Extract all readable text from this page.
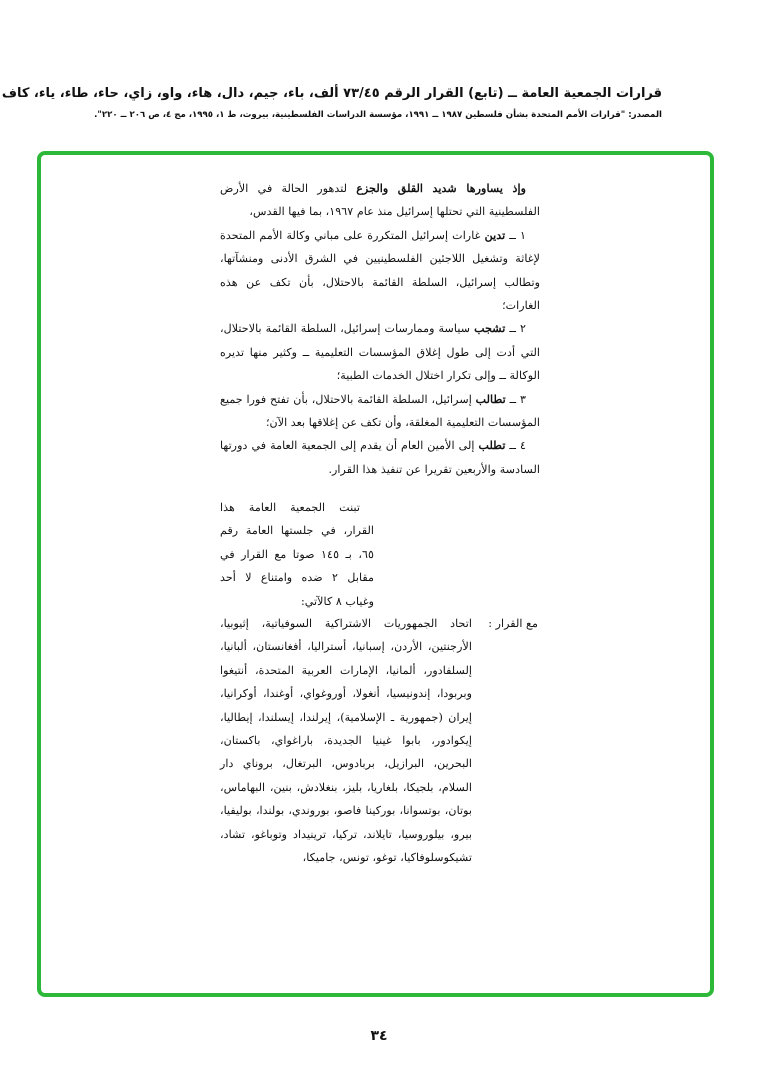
قرارات الجمعية العامة ــ (تابع) القرار الرقم ٧٣/٤٥ ألف، باء، جيم، دال، هاء، واو، زاي، حاء، طاء، ياء، كاف
المصدر: "قرارات الأمم المتحدة بشأن فلسطين ١٩٨٧ ــ ١٩٩١، مؤسسة الدراسات الفلسطينية، بيروت، ط ١، ١٩٩٥، مج ٤، ص ٢٠٦ ــ ٢٢٠".

وإذ يساورها شديد القلق والجزع لتدهور الحالة في الأرض الفلسطينية التي تحتلها إسرائيل منذ عام ١٩٦٧، بما فيها القدس،

١ ــ تدين غارات إسرائيل المتكررة على مباني وكالة الأمم المتحدة لإغاثة وتشغيل اللاجئين الفلسطينيين في الشرق الأدنى ومنشآتها، وتطالب إسرائيل، السلطة القائمة بالاحتلال، بأن تكف عن هذه الغارات؛

٢ ــ تشجب سياسة وممارسات إسرائيل، السلطة القائمة بالاحتلال، التي أدت إلى طول إغلاق المؤسسات التعليمية ــ وكثير منها تديره الوكالة ــ وإلى تكرار اختلال الخدمات الطبية؛

٣ ــ تطالب إسرائيل، السلطة القائمة بالاحتلال، بأن تفتح فورا جميع المؤسسات التعليمية المغلقة، وأن تكف عن إغلاقها بعد الآن؛

٤ ــ تطلب إلى الأمين العام أن يقدم إلى الجمعية العامة في دورتها السادسة والأربعين تقريرا عن تنفيذ هذا القرار.

تبنت الجمعية العامة هذا القرار، في جلستها العامة رقم ٦٥، بـ ١٤٥ صوتا مع القرار في مقابل ٢ ضده وامتناع لا أحد وغياب ٨ كالآتي:

مع القرار :

اتحاد الجمهوريات الاشتراكية السوفياتية، إثيوبيا، الأرجنتين، الأردن، إسبانيا، أستراليا، أفغانستان، ألبانيا، إلسلفادور، ألمانيا، الإمارات العربية المتحدة، أنتيغوا وبربودا، إندونيسيا، أنغولا، أوروغواي، أوغندا، أوكرانيا، إيران (جمهورية ـ الإسلامية)، إيرلندا، إيسلندا، إيطاليا، إيكوادور، بابوا غينيا الجديدة، باراغواي، باكستان، البحرين، البرازيل، بربادوس، البرتغال، بروناي دار السلام، بلجيكا، بلغاريا، بليز، بنغلادش، بنين، البهاماس، بوتان، بوتسوانا، بوركينا فاصو، بوروندي، بولندا، بوليفيا، بيرو، بيلوروسيا، تايلاند، تركيا، ترينيداد وتوباغو، تشاد، تشيكوسلوفاكيا، توغو، تونس، جاميكا،

٣٤
